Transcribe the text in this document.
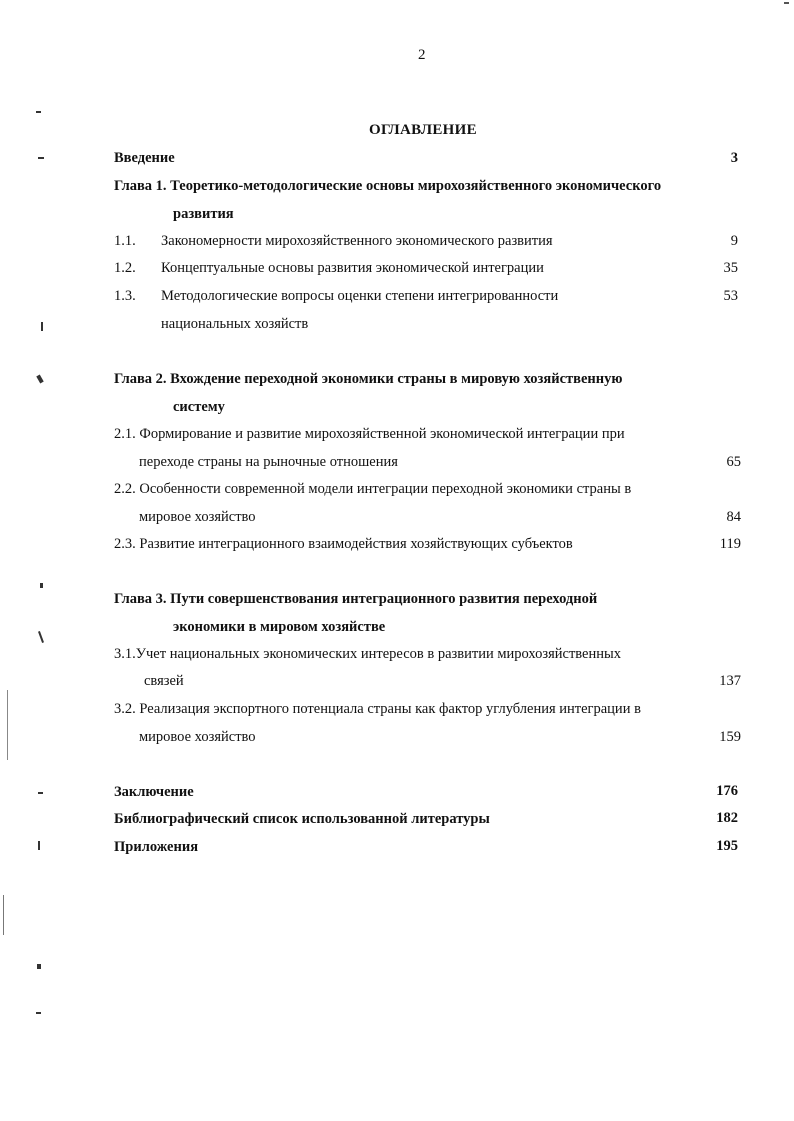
2
ОГЛАВЛЕНИЕ
Введение	3
Глава 1. Теоретико-методологические основы мирохозяйственного экономического
развития
1.1. Закономерности мирохозяйственного экономического развития	9
1.2. Концептуальные основы развития экономической интеграции	35
1.3. Методологические вопросы оценки степени интегрированности	53
национальных хозяйств
Глава 2. Вхождение переходной экономики страны в мировую хозяйственную
систему
2.1. Формирование и развитие мирохозяйственной экономической интеграции при
переходе страны на рыночные отношения	65
2.2. Особенности современной модели интеграции переходной экономики страны в
мировое хозяйство	84
2.3. Развитие интеграционного взаимодействия хозяйствующих субъектов	119
Глава 3. Пути совершенствования интеграционного развития переходной
экономики в мировом хозяйстве
3.1.Учет национальных экономических интересов в развитии мирохозяйственных
связей	137
3.2. Реализация экспортного потенциала страны как фактор углубления интеграции в
мировое хозяйство	159
Заключение	176
Библиографический список использованной литературы	182
Приложения	195
